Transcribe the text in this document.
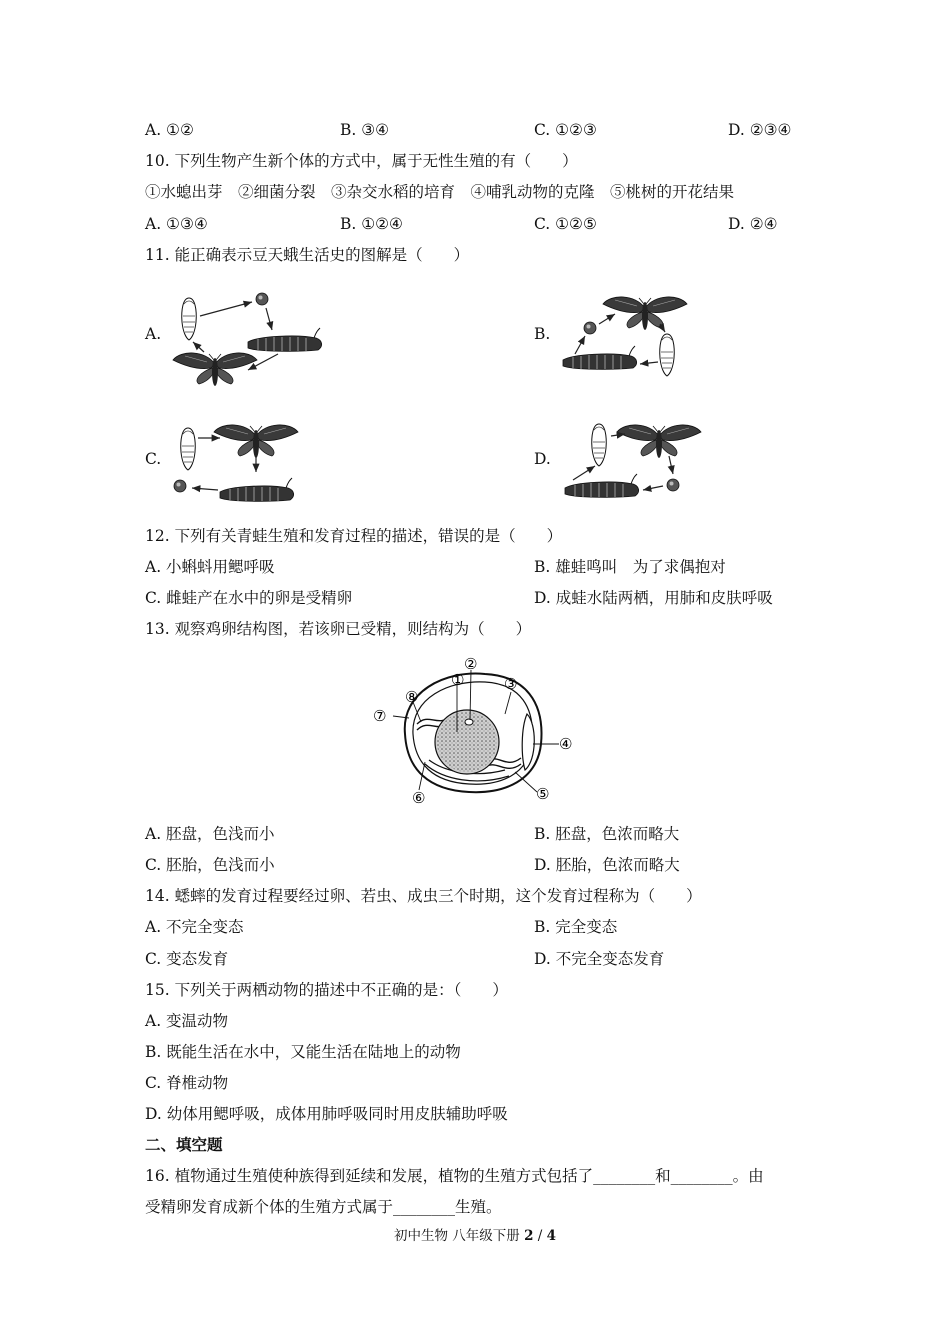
A. ①②	B. ③④	C. ①②③	D. ②③④
10. 下列生物产生新个体的方式中，属于无性生殖的有（　　）
①水螅出芽　②细菌分裂　③杂交水稻的培育　④哺乳动物的克隆　⑤桃树的开花结果
A. ①③④	B. ①②④	C. ①②⑤	D. ②④
11. 能正确表示豆天蛾生活史的图解是（　　）
A.	B.
C.	D.
12. 下列有关青蛙生殖和发育过程的描述，错误的是（　　）
A. 小蝌蚪用鳃呼吸	B. 雄蛙鸣叫　为了求偶抱对
C. 雌蛙产在水中的卵是受精卵	D. 成蛙水陆两栖，用肺和皮肤呼吸
13. 观察鸡卵结构图，若该卵已受精，则结构为（　　）
①
②
③
④
⑤
⑥
⑦
⑧
A. 胚盘，色浅而小	B. 胚盘，色浓而略大
C. 胚胎，色浅而小	D. 胚胎，色浓而略大
14. 蟋蟀的发育过程要经过卵、若虫、成虫三个时期，这个发育过程称为（　　）
A. 不完全变态	B. 完全变态
C. 变态发育	D. 不完全变态发育
15. 下列关于两栖动物的描述中不正确的是：（　　）
A. 变温动物
B. 既能生活在水中，又能生活在陆地上的动物
C. 脊椎动物
D. 幼体用鳃呼吸，成体用肺呼吸同时用皮肤辅助呼吸
二、填空题
16. 植物通过生殖使种族得到延续和发展，植物的生殖方式包括了________和________。由
受精卵发育成新个体的生殖方式属于________生殖。
初中生物 八年级下册 2 / 4
